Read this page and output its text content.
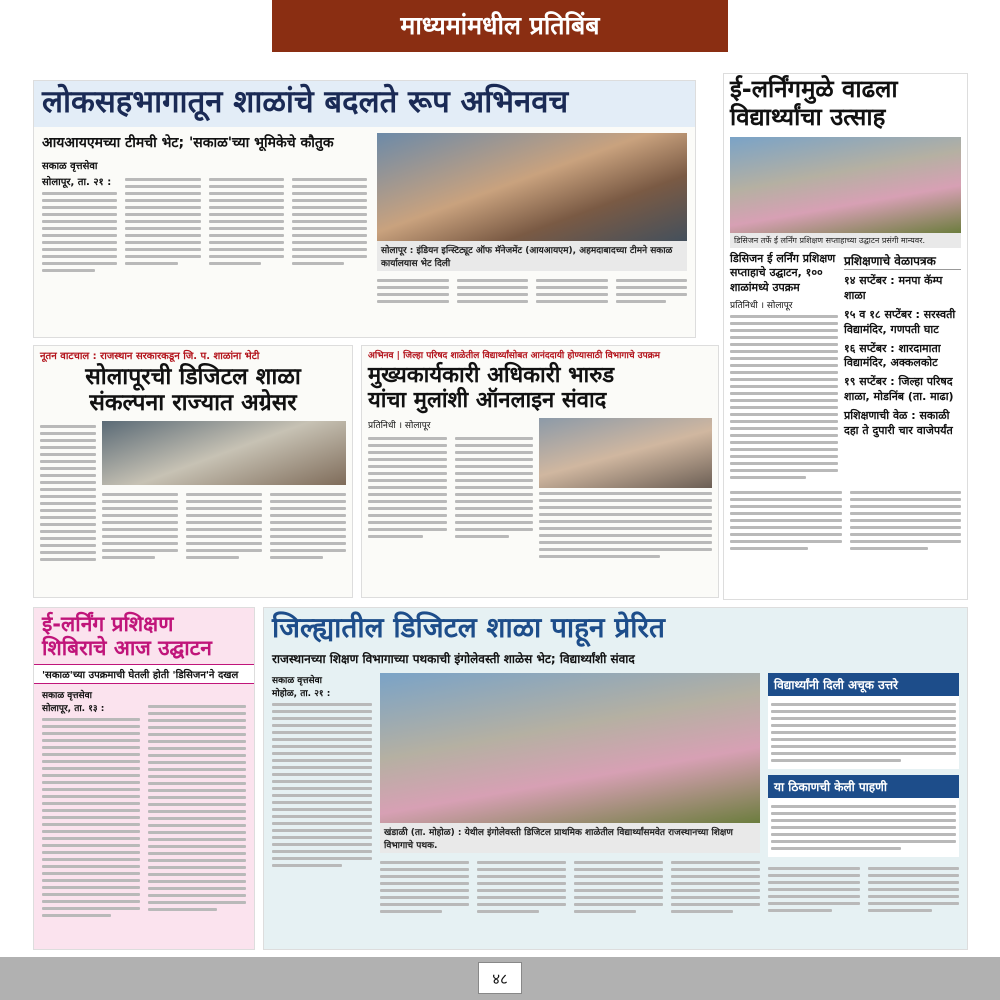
माध्यमांमधील प्रतिबिंब
लोकसहभागातून शाळांचे बदलते रूप अभिनवच
आयआयएमच्या टीमची भेट; 'सकाळ'च्या भूमिकेचे कौतुक
सकाळ वृत्तसेवा
सोलापूर, ता. २१ :
सोलापूर : इंडियन इन्स्टिट्यूट ऑफ मॅनेजमेंट (आयआयएम), अहमदाबादच्या टीमने सकाळ कार्यालयास भेट दिली
ई-लर्निंगमुळे वाढला
विद्यार्थ्यांचा उत्साह
डिसिजन तर्फे ई लर्निंग प्रशिक्षण सप्ताहाच्या उद्घाटन प्रसंगी मान्यवर.
डिसिजन ई लर्निंग प्रशिक्षण सप्ताहाचे उद्घाटन, १०० शाळांमध्ये उपक्रम
प्रतिनिधी । सोलापूर
प्रशिक्षणाचे वेळापत्रक
१४ सप्टेंबर : मनपा कॅम्प शाळा
१५ व १८ सप्टेंबर : सरस्वती विद्यामंदिर, गणपती घाट
१६ सप्टेंबर : शारदामाता विद्यामंदिर, अक्कलकोट
१९ सप्टेंबर : जिल्हा परिषद शाळा, मोडनिंब (ता. माढा)
प्रशिक्षणाची वेळ : सकाळी दहा ते दुपारी चार वाजेपर्यंत
नूतन वाटचाल : राजस्थान सरकारकडून जि. प. शाळांना भेटी
सोलापूरची डिजिटल शाळा
संकल्पना राज्यात अग्रेसर
अभिनव | जिल्हा परिषद शाळेतील विद्यार्थ्यांसोबत आनंददायी होण्यासाठी विभागाचे उपक्रम
मुख्यकार्यकारी अधिकारी भारुड
यांचा मुलांशी ऑनलाइन संवाद
प्रतिनिधी । सोलापूर
ई-लर्निंग प्रशिक्षण
शिबिराचे आज उद्घाटन
'सकाळ'च्या उपक्रमाची घेतली होती 'डिसिजन'ने दखल
सकाळ वृत्तसेवा
सोलापूर, ता. १३ :
जिल्ह्यातील डिजिटल शाळा पाहून प्रेरित
राजस्थानच्या शिक्षण विभागाच्या पथकाची इंगोलेवस्ती शाळेस भेट; विद्यार्थ्यांशी संवाद
सकाळ वृत्तसेवा
मोहोळ, ता. २१ :
खंडाळी (ता. मोहोळ) : येथील इंगोलेवस्ती डिजिटल प्राथमिक शाळेतील विद्यार्थ्यांसमवेत राजस्थानच्या शिक्षण विभागाचे पथक.
विद्यार्थ्यांनी दिली अचूक उत्तरे
या ठिकाणची केली पाहणी
४८
